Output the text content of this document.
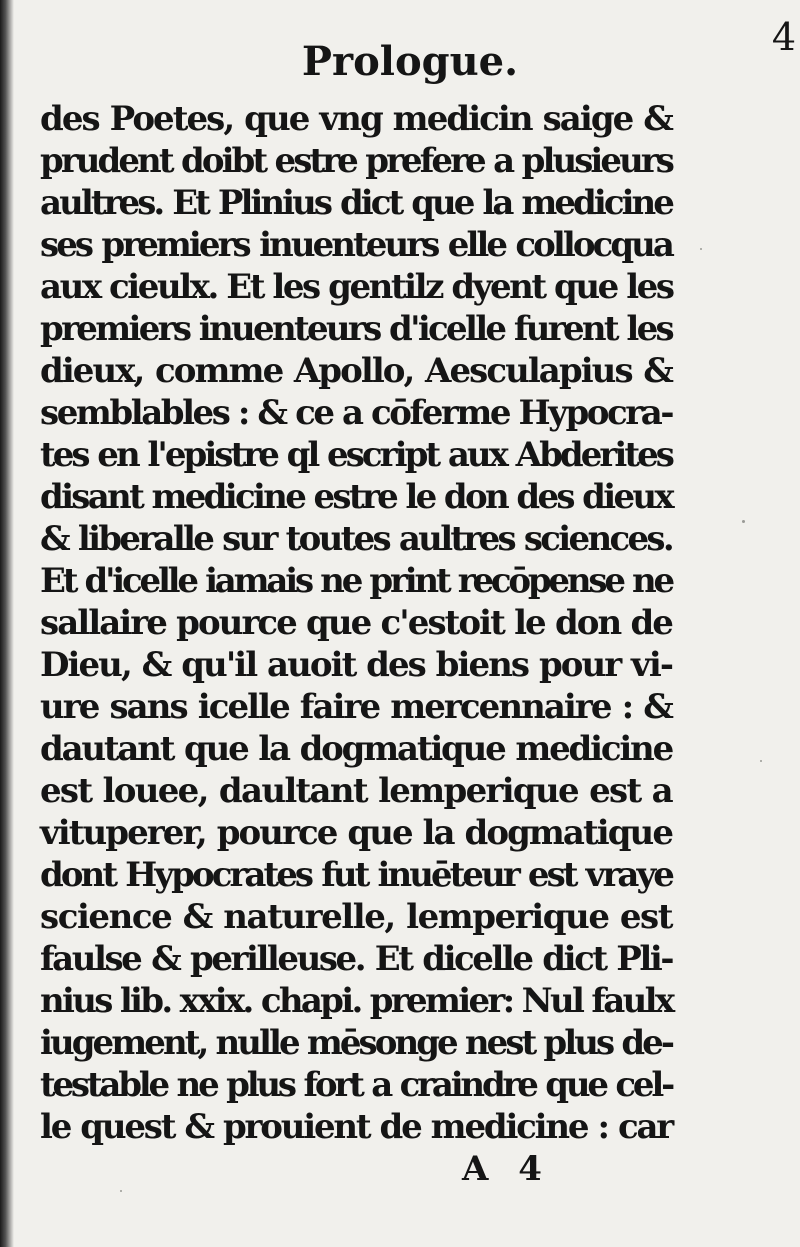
4
Prologue.
des Poetes, que vng medicin saige &
prudent doibt estre prefere a plusieurs
aultres. Et Plinius dict que la medicine
ses premiers inuenteurs elle collocqua
aux cieulx. Et les gentilz dyent que les
premiers inuenteurs d'icelle furent les
dieux, comme Apollo, Aesculapius &
semblables : & ce a cōferme Hypocra-
tes en l'epistre ql escript aux Abderites
disant medicine estre le don des dieux
& liberalle sur toutes aultres sciences.
Et d'icelle iamais ne print recōpense ne
sallaire pource que c'estoit le don de
Dieu, & qu'il auoit des biens pour vi-
ure sans icelle faire mercennaire : &
dautant que la dogmatique medicine
est louee, daultant lemperique est a
vituperer, pource que la dogmatique
dont Hypocrates fut inuēteur est vraye
science & naturelle, lemperique est
faulse & perilleuse. Et dicelle dict Pli-
nius lib. xxix. chapi. premier: Nul faulx
iugement, nulle mēsonge nest plus de-
testable ne plus fort a craindre que cel-
le quest & prouient de medicine : car
A 4
